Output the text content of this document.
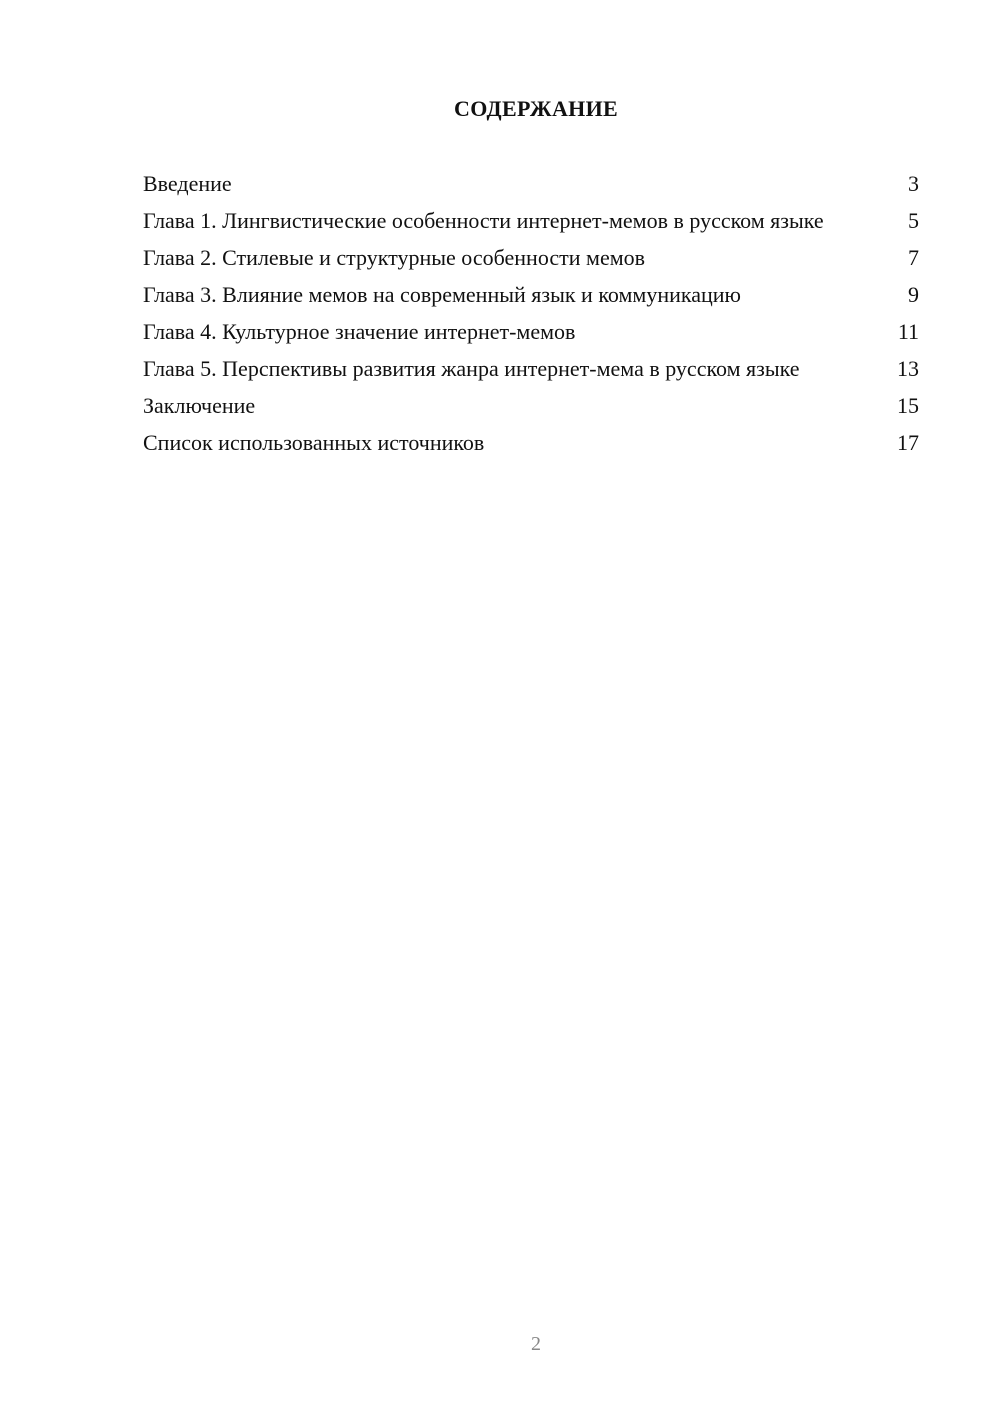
СОДЕРЖАНИЕ
Введение	3
Глава 1. Лингвистические особенности интернет-мемов в русском языке	5
Глава 2. Стилевые и структурные особенности мемов	7
Глава 3. Влияние мемов на современный язык и коммуникацию	9
Глава 4. Культурное значение интернет-мемов	11
Глава 5. Перспективы развития жанра интернет-мема в русском языке	13
Заключение	15
Список использованных источников	17
2
